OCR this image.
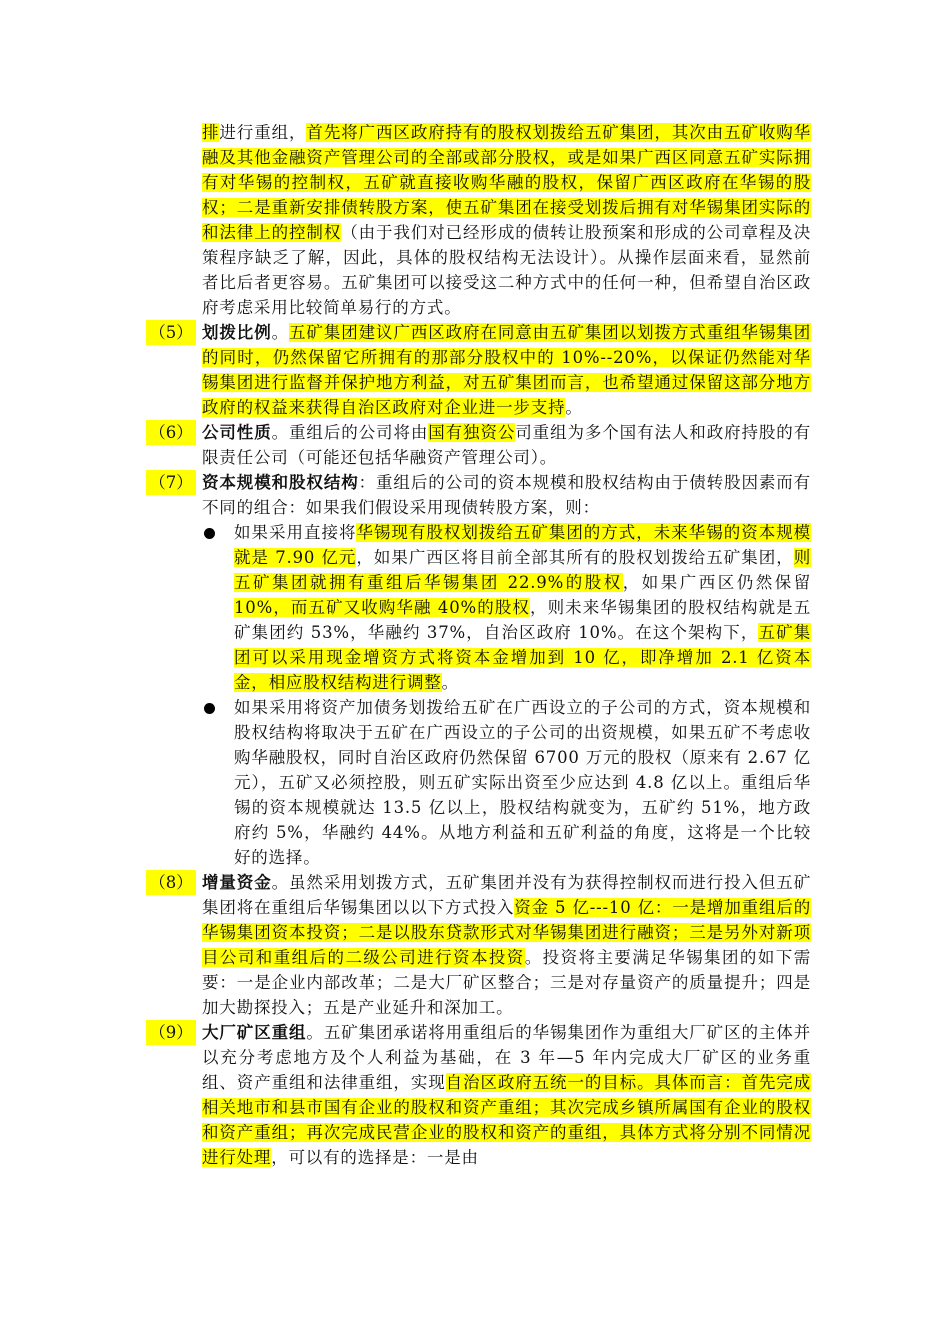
排进行重组，首先将广西区政府持有的股权划拨给五矿集团，其次由五矿收购华融及其他金融资产管理公司的全部或部分股权，或是如果广西区同意五矿实际拥有对华锡的控制权，五矿就直接收购华融的股权，保留广西区政府在华锡的股权；二是重新安排债转股方案，使五矿集团在接受划拨后拥有对华锡集团实际的和法律上的控制权（由于我们对已经形成的债转让股预案和形成的公司章程及决策程序缺乏了解，因此，具体的股权结构无法设计）。从操作层面来看，显然前者比后者更容易。五矿集团可以接受这二种方式中的任何一种，但希望自治区政府考虑采用比较简单易行的方式。

（5） 划拨比例。五矿集团建议广西区政府在同意由五矿集团以划拨方式重组华锡集团的同时，仍然保留它所拥有的那部分股权中的 10%--20%，以保证仍然能对华锡集团进行监督并保护地方利益，对五矿集团而言，也希望通过保留这部分地方政府的权益来获得自治区政府对企业进一步支持。
（6） 公司性质。重组后的公司将由国有独资公司重组为多个国有法人和政府持股的有限责任公司（可能还包括华融资产管理公司）。
（7） 资本规模和股权结构：重组后的公司的资本规模和股权结构由于债转股因素而有不同的组合：如果我们假设采用现债转股方案，则：
如果采用直接将华锡现有股权划拨给五矿集团的方式，未来华锡的资本规模就是 7.90 亿元，如果广西区将目前全部其所有的股权划拨给五矿集团，则五矿集团就拥有重组后华锡集团 22.9%的股权，如果广西区仍然保留 10%，而五矿又收购华融 40%的股权，则未来华锡集团的股权结构就是五矿集团约 53%，华融约 37%，自治区政府 10%。在这个架构下，五矿集团可以采用现金增资方式将资本金增加到 10 亿，即净增加 2.1 亿资本金，相应股权结构进行调整。
如果采用将资产加债务划拨给五矿在广西设立的子公司的方式，资本规模和股权结构将取决于五矿在广西设立的子公司的出资规模，如果五矿不考虑收购华融股权，同时自治区政府仍然保留 6700 万元的股权（原来有 2.67 亿元），五矿又必须控股，则五矿实际出资至少应达到 4.8 亿以上。重组后华锡的资本规模就达 13.5 亿以上，股权结构就变为，五矿约 51%，地方政府约 5%，华融约 44%。从地方利益和五矿利益的角度，这将是一个比较好的选择。
（8） 增量资金。虽然采用划拨方式，五矿集团并没有为获得控制权而进行投入但五矿集团将在重组后华锡集团以以下方式投入资金 5 亿---10 亿：一是增加重组后的华锡集团资本投资；二是以股东贷款形式对华锡集团进行融资；三是另外对新项目公司和重组后的二级公司进行资本投资。投资将主要满足华锡集团的如下需要：一是企业内部改革；二是大厂矿区整合；三是对存量资产的质量提升；四是加大勘探投入；五是产业延升和深加工。
（9） 大厂矿区重组。五矿集团承诺将用重组后的华锡集团作为重组大厂矿区的主体并以充分考虑地方及个人利益为基础，在 3 年—5 年内完成大厂矿区的业务重组、资产重组和法律重组，实现自治区政府五统一的目标。具体而言：首先完成相关地市和县市国有企业的股权和资产重组；其次完成乡镇所属国有企业的股权和资产重组；再次完成民营企业的股权和资产的重组，具体方式将分别不同情况进行处理，可以有的选择是：一是由
